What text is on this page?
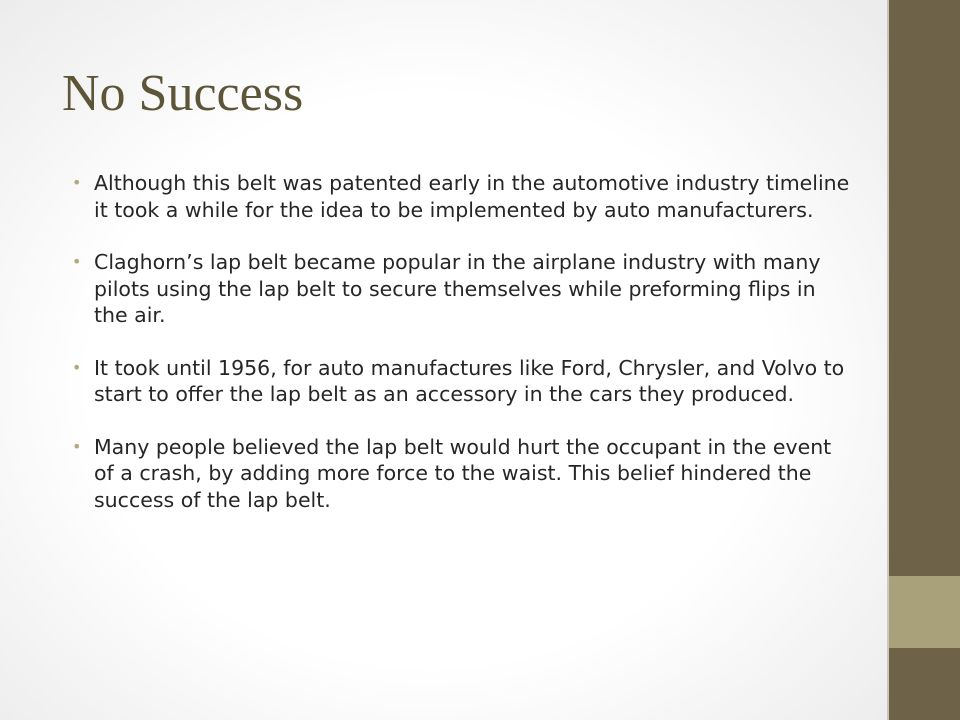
No Success
• Although this belt was patented early in the automotive industry timeline it took a while for the idea to be implemented by auto manufacturers.
• Claghorn’s lap belt became popular in the airplane industry with many pilots using the lap belt to secure themselves while preforming flips in the air.
• It took until 1956, for auto manufactures like Ford, Chrysler, and Volvo to start to offer the lap belt as an accessory in the cars they produced.
• Many people believed the lap belt would hurt the occupant in the event of a crash, by adding more force to the waist. This belief hindered the success of the lap belt.
